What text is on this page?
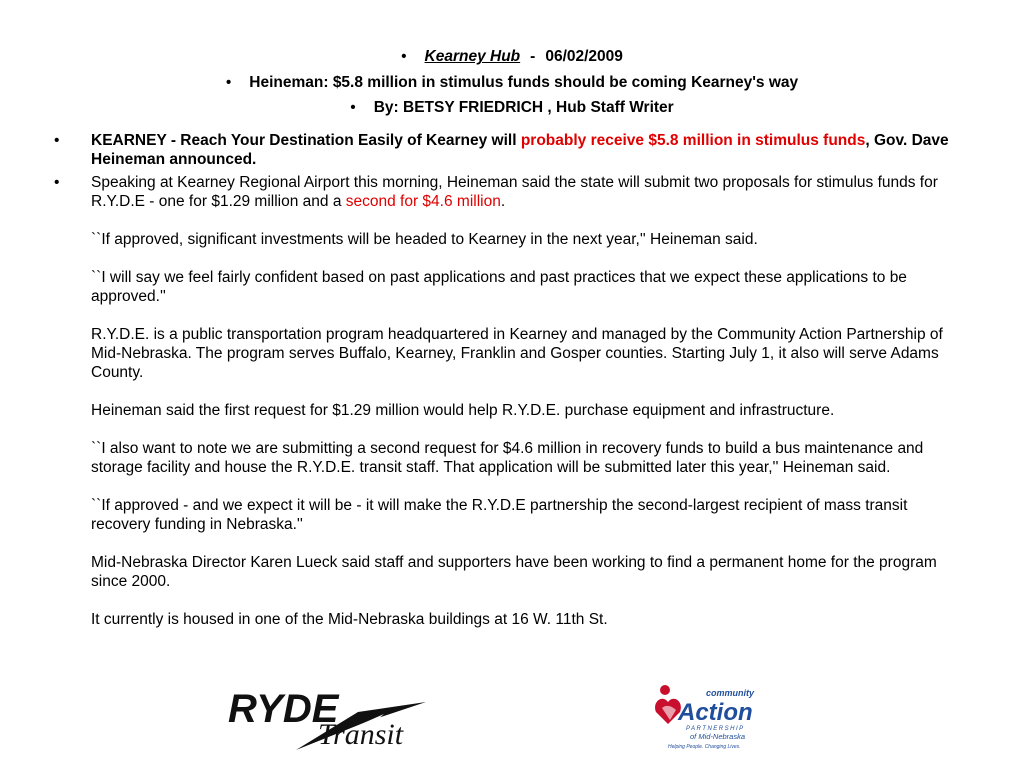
• Kearney Hub - 06/02/2009
• Heineman: $5.8 million in stimulus funds should be coming Kearney's way
• By: BETSY FRIEDRICH , Hub Staff Writer
•	KEARNEY - Reach Your Destination Easily of Kearney will probably receive $5.8 million in stimulus funds, Gov. Dave Heineman announced.
•	Speaking at Kearney Regional Airport this morning, Heineman said the state will submit two proposals for stimulus funds for R.Y.D.E - one for $1.29 million and a second for $4.6 million.

``If approved, significant investments will be headed to Kearney in the next year,'' Heineman said.

``I will say we feel fairly confident based on past applications and past practices that we expect these applications to be approved.''

R.Y.D.E. is a public transportation program headquartered in Kearney and managed by the Community Action Partnership of Mid-Nebraska. The program serves Buffalo, Kearney, Franklin and Gosper counties. Starting July 1, it also will serve Adams County.

Heineman said the first request for $1.29 million would help R.Y.D.E. purchase equipment and infrastructure.

``I also want to note we are submitting a second request for $4.6 million in recovery funds to build a bus maintenance and storage facility and house the R.Y.D.E. transit staff. That application will be submitted later this year,'' Heineman said.

``If approved - and we expect it will be - it will make the R.Y.D.E partnership the second-largest recipient of mass transit recovery funding in Nebraska.''

Mid-Nebraska Director Karen Lueck said staff and supporters have been working to find a permanent home for the program since 2000.

It currently is housed in one of the Mid-Nebraska buildings at 16 W. 11th St.

RYDE
Transit
community
Action
PARTNERSHIP
of Mid-Nebraska
Helping People. Changing Lives.
